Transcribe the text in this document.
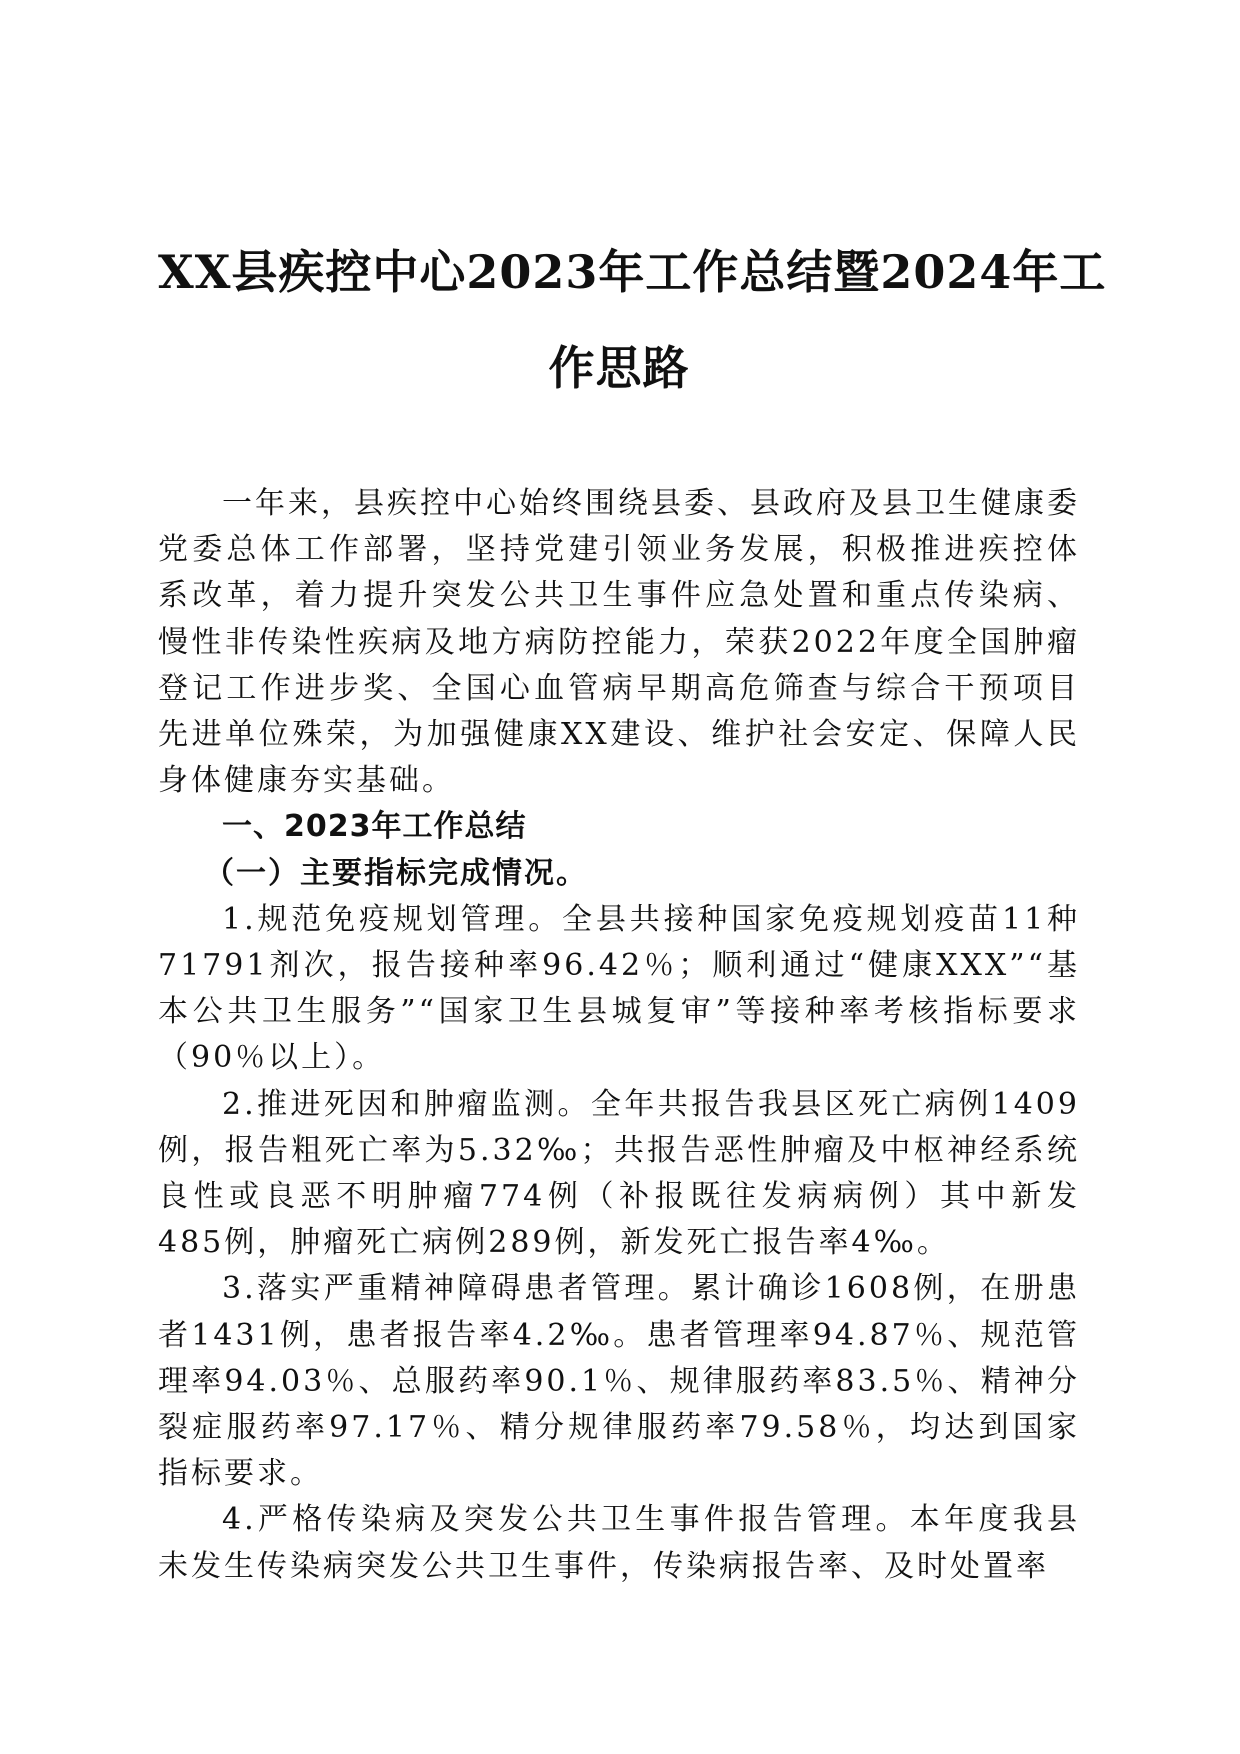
XX县疾控中心2023年工作总结暨2024年工
作思路

一年来，县疾控中心始终围绕县委、县政府及县卫生健康委党委总体工作部署，坚持党建引领业务发展，积极推进疾控体系改革，着力提升突发公共卫生事件应急处置和重点传染病、慢性非传染性疾病及地方病防控能力，荣获2022年度全国肿瘤登记工作进步奖、全国心血管病早期高危筛查与综合干预项目先进单位殊荣，为加强健康XX建设、维护社会安定、保障人民身体健康夯实基础。

一、2023年工作总结

（一）主要指标完成情况。

1.规范免疫规划管理。全县共接种国家免疫规划疫苗11种71791剂次，报告接种率96.42％；顺利通过“健康XXX”“基本公共卫生服务”“国家卫生县城复审”等接种率考核指标要求（90％以上）。

2.推进死因和肿瘤监测。全年共报告我县区死亡病例1409例，报告粗死亡率为5.32‰；共报告恶性肿瘤及中枢神经系统良性或良恶不明肿瘤774例（补报既往发病病例）其中新发485例，肿瘤死亡病例289例，新发死亡报告率4‰。

3.落实严重精神障碍患者管理。累计确诊1608例，在册患者1431例，患者报告率4.2‰。患者管理率94.87％、规范管理率94.03％、总服药率90.1％、规律服药率83.5％、精神分裂症服药率97.17％、精分规律服药率79.58％，均达到国家指标要求。

4.严格传染病及突发公共卫生事件报告管理。本年度我县未发生传染病突发公共卫生事件，传染病报告率、及时处置率
